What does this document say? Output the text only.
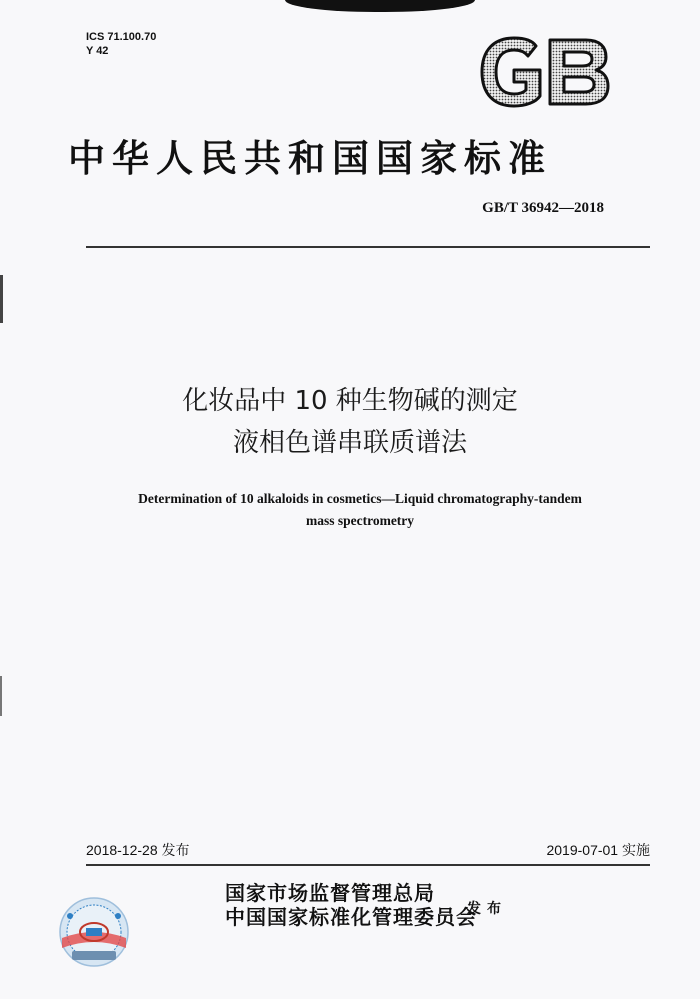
ICS 71.100.70
Y 42
中华人民共和国国家标准
GB/T 36942—2018
化妆品中 10 种生物碱的测定
液相色谱串联质谱法
Determination of 10 alkaloids in cosmetics—Liquid chromatography-tandem
mass spectrometry
2018-12-28 发布	2019-07-01 实施
国家市场监督管理总局
中国国家标准化管理委员会
发布
